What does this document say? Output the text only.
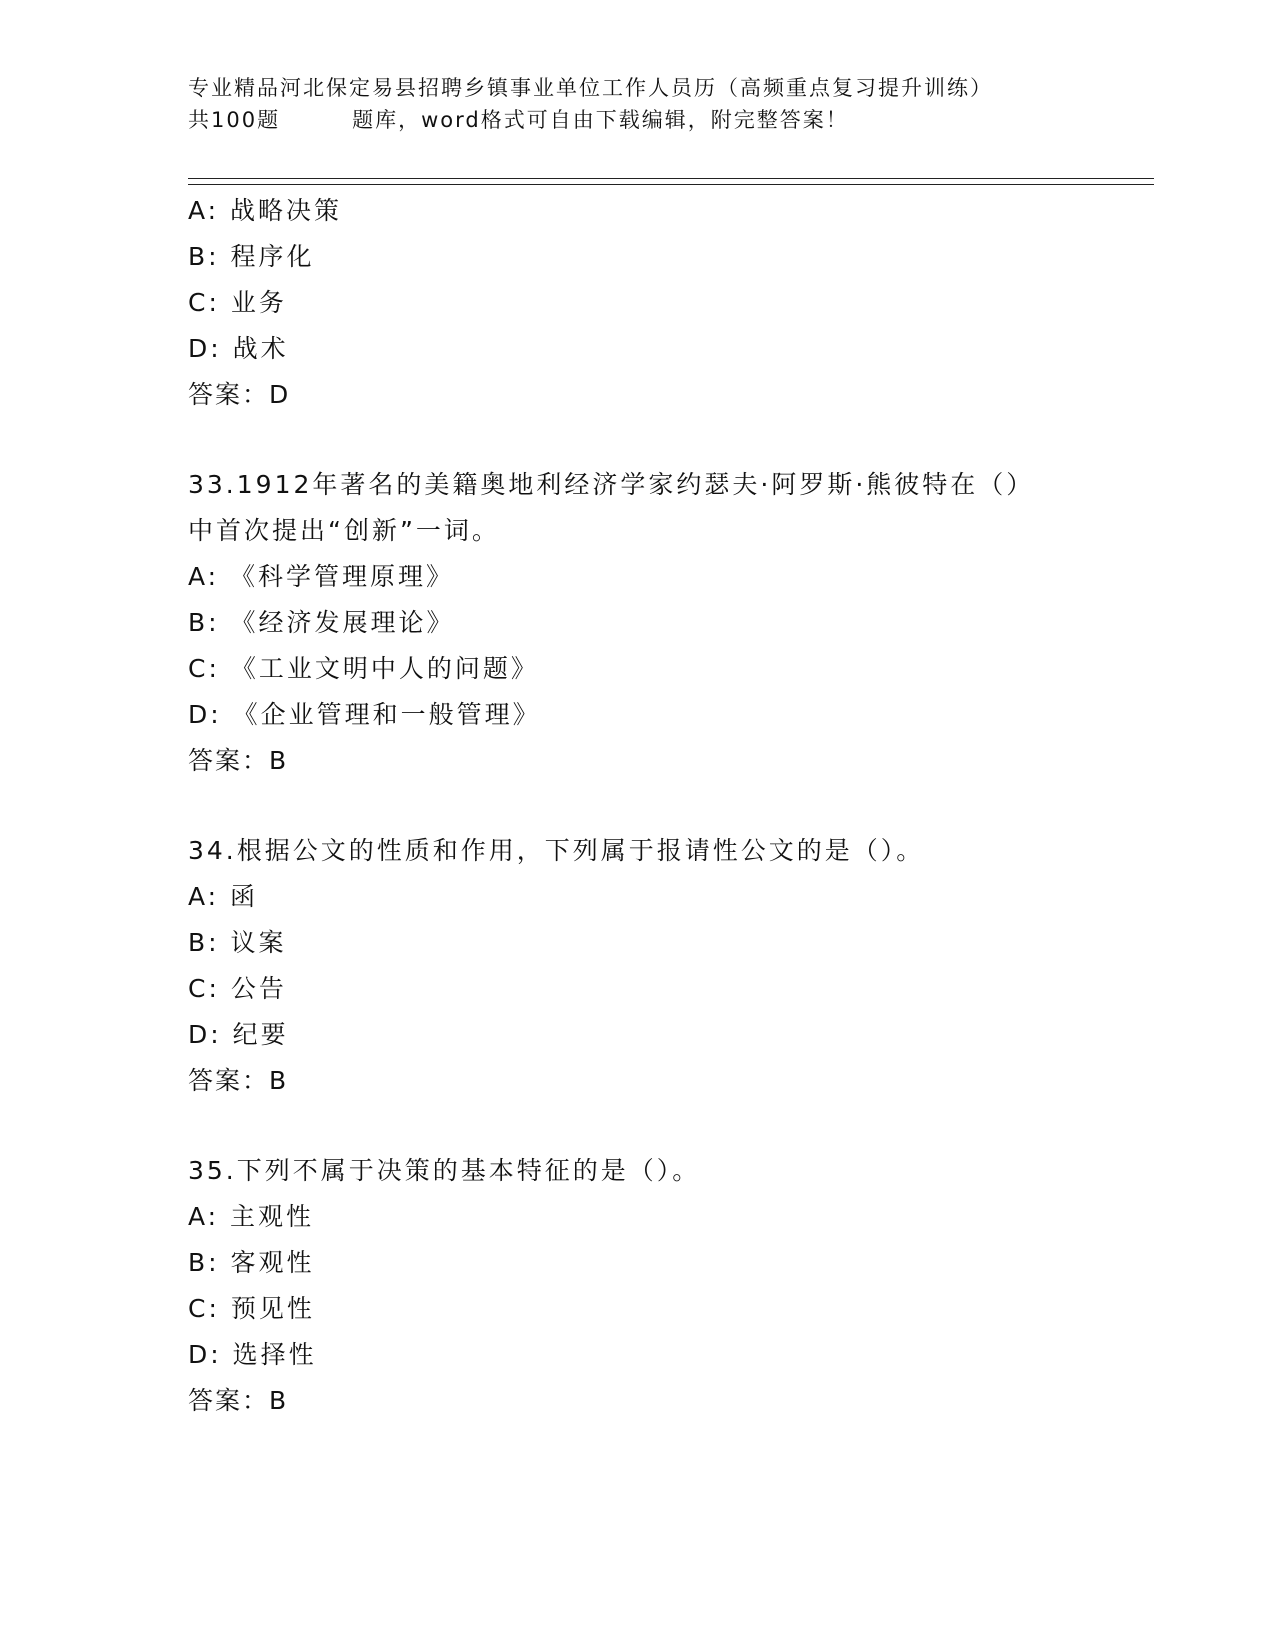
专业精品河北保定易县招聘乡镇事业单位工作人员历（高频重点复习提升训练）
共100题	题库，word格式可自由下载编辑，附完整答案！
A: 战略决策
B: 程序化
C: 业务
D: 战术
答案：D
33.1912年著名的美籍奥地利经济学家约瑟夫·阿罗斯·熊彼特在（）
中首次提出“创新”一词。
A: 《科学管理原理》
B: 《经济发展理论》
C: 《工业文明中人的问题》
D: 《企业管理和一般管理》
答案：B
34.根据公文的性质和作用，下列属于报请性公文的是（）。
A: 函
B: 议案
C: 公告
D: 纪要
答案：B
35.下列不属于决策的基本特征的是（）。
A: 主观性
B: 客观性
C: 预见性
D: 选择性
答案：B
